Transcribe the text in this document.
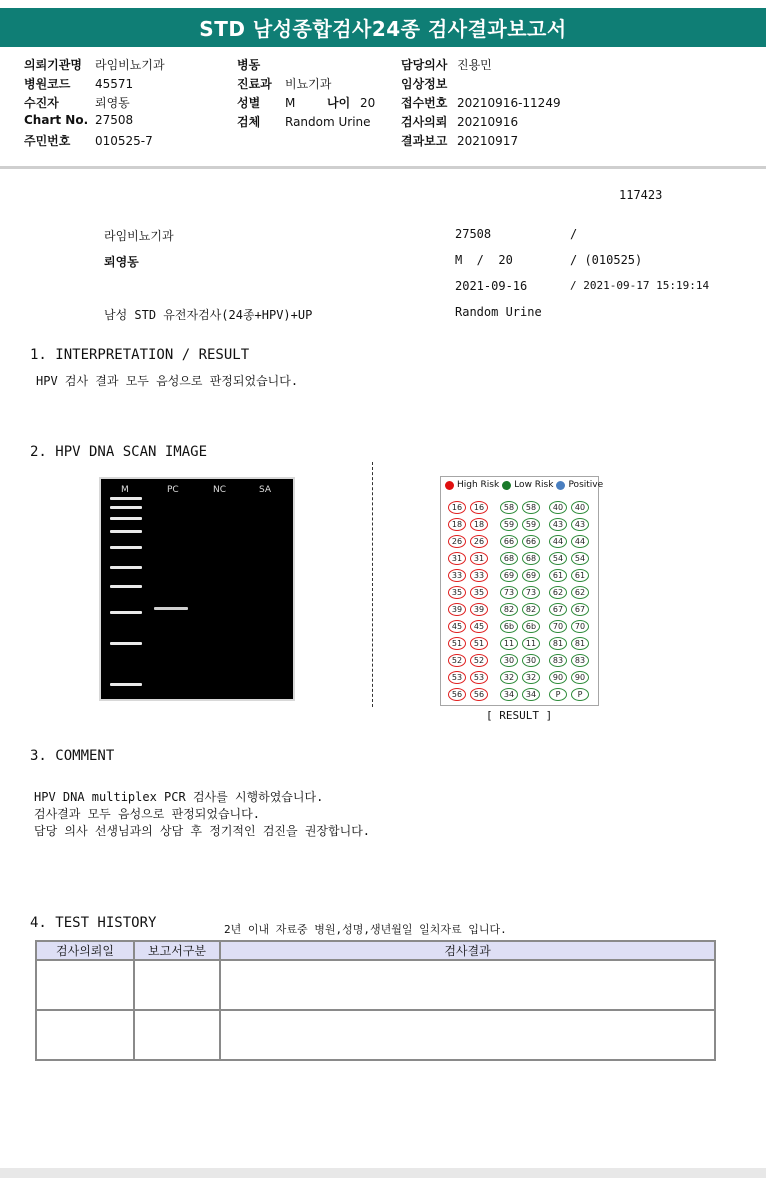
STD 남성종합검사24종 검사결과보고서
의뢰기관명 라임비뇨기과
병원코드 45571
수진자	뢰영동
Chart No. 27508
주민번호 010525-7
병동
진료과 비뇨기과
성별 M	나이 20
검체 Random Urine
담당의사 진용민
임상정보
접수번호 20210916-11249
검사의뢰 20210916
결과보고 20210917
117423
라임비뇨기과
뢰영동
남성 STD 유전자검사(24종+HPV)+UP
27508	/
M  /  20	/ (010525)
2021-09-16	/ 2021-09-17 15:19:14
Random Urine
1. INTERPRETATION / RESULT
HPV 검사 결과 모두 음성으로 판정되었습니다.
2. HPV DNA SCAN IMAGE
M	PC	NC	SA	High Risk Low Risk Positive
16	16	58	58	40	40
18	18	59	59	43	43
26	26	66	66	44	44
31	31	68	68	54	54
33	33	69	69	61	61
35	35	73	73	62	62
39	39	82	82	67	67
45	45	6b	6b	70	70
51	51	11	11	81	81
52	52	30	30	83	83
53	53	32	32	90	90
56	56	34	34	P	P
[ RESULT ]
3. COMMENT
HPV DNA multiplex PCR 검사를 시행하였습니다.
검사결과 모두 음성으로 판정되었습니다.
담당 의사 선생님과의 상담 후 정기적인 검진을 권장합니다.
4. TEST HISTORY	2년 이내 자료중 병원,성명,생년월일 일치자료 입니다.
검사의뢰일	보고서구분	검사결과
